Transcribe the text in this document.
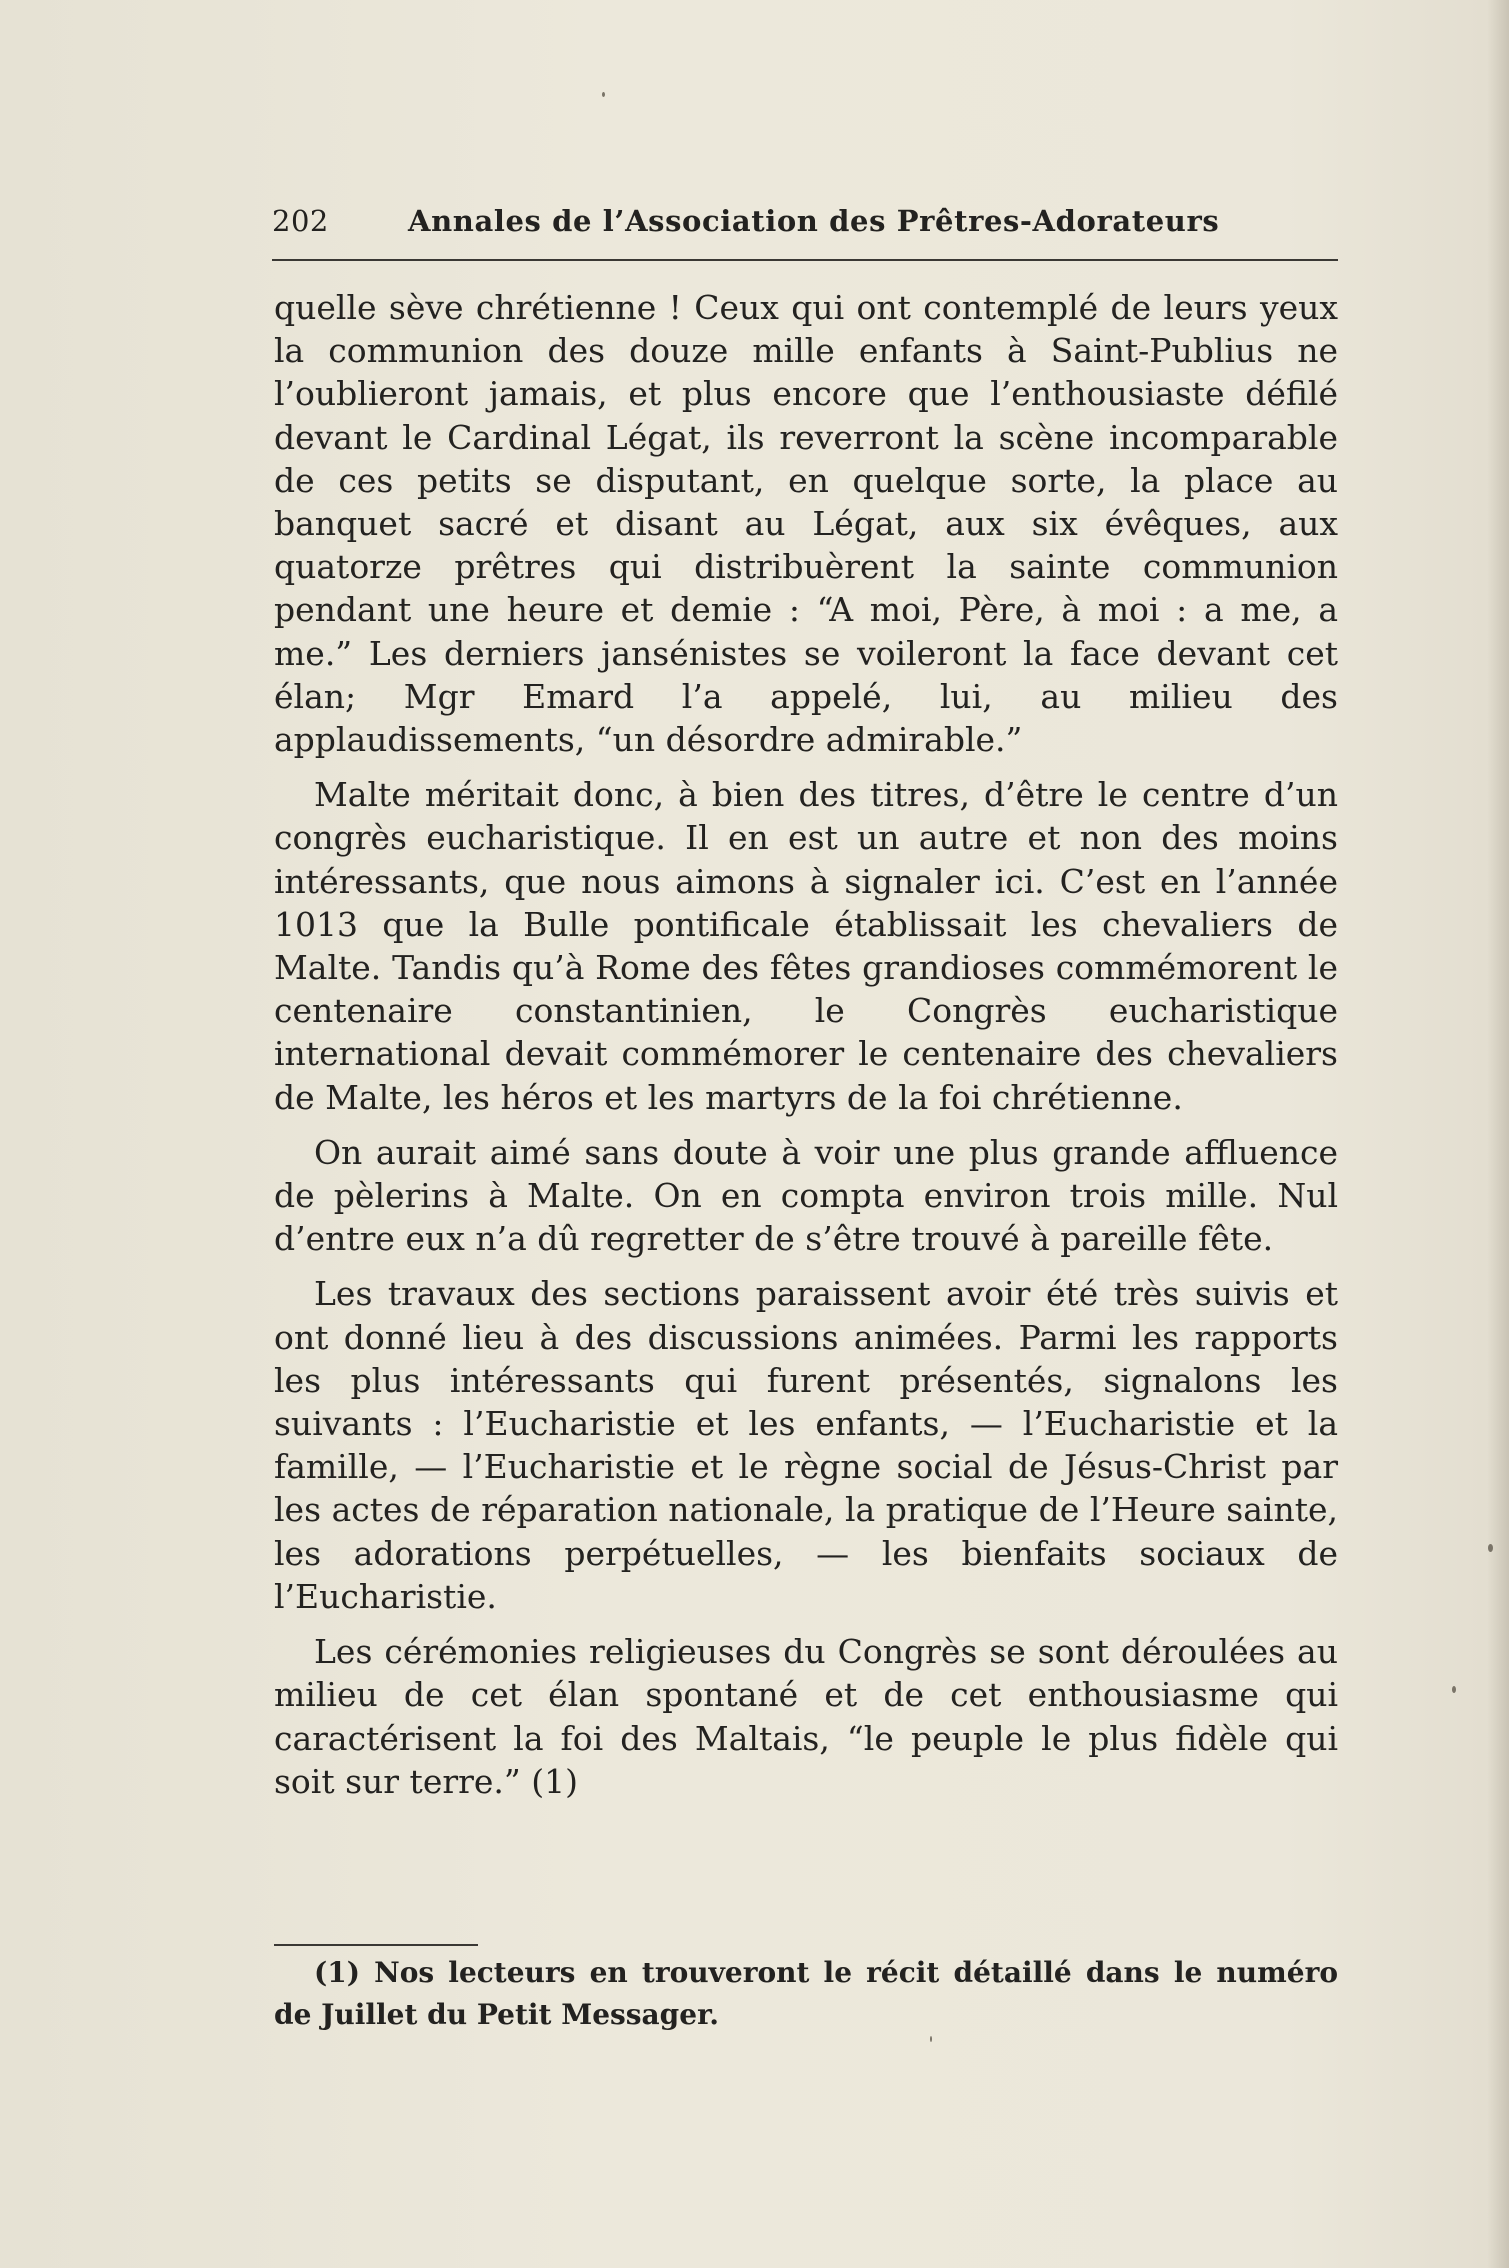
202	Annales de l’Association des Prêtres-Adorateurs

quelle sève chrétienne ! Ceux qui ont contemplé de leurs yeux la communion des douze mille enfants à Saint-Publius ne l’oublieront jamais, et plus encore que l’enthousiaste défilé devant le Cardinal Légat, ils reverront la scène incomparable de ces petits se disputant, en quelque sorte, la place au banquet sacré et disant au Légat, aux six évêques, aux quatorze prêtres qui distribuèrent la sainte communion pendant une heure et demie : “A moi, Père, à moi : a me, a me.” Les derniers jansénistes se voileront la face devant cet élan; Mgr Emard l’a appelé, lui, au milieu des applaudissements, “un désordre admirable.”

Malte méritait donc, à bien des titres, d’être le centre d’un congrès eucharistique. Il en est un autre et non des moins intéressants, que nous aimons à signaler ici. C’est en l’année 1013 que la Bulle pontificale établissait les chevaliers de Malte. Tandis qu’à Rome des fêtes grandioses commémorent le centenaire constantinien, le Congrès eucharistique international devait commémorer le centenaire des chevaliers de Malte, les héros et les martyrs de la foi chrétienne.

On aurait aimé sans doute à voir une plus grande affluence de pèlerins à Malte. On en compta environ trois mille. Nul d’entre eux n’a dû regretter de s’être trouvé à pareille fête.

Les travaux des sections paraissent avoir été très suivis et ont donné lieu à des discussions animées. Parmi les rapports les plus intéressants qui furent présentés, signalons les suivants : l’Eucharistie et les enfants, — l’Eucharistie et la famille, — l’Eucharistie et le règne social de Jésus-Christ par les actes de réparation nationale, la pratique de l’Heure sainte, les adorations perpétuelles, — les bienfaits sociaux de l’Eucharistie.

Les cérémonies religieuses du Congrès se sont déroulées au milieu de cet élan spontané et de cet enthousiasme qui caractérisent la foi des Maltais, “le peuple le plus fidèle qui soit sur terre.” (1)

(1) Nos lecteurs en trouveront le récit détaillé dans le numéro de Juillet du Petit Messager.
